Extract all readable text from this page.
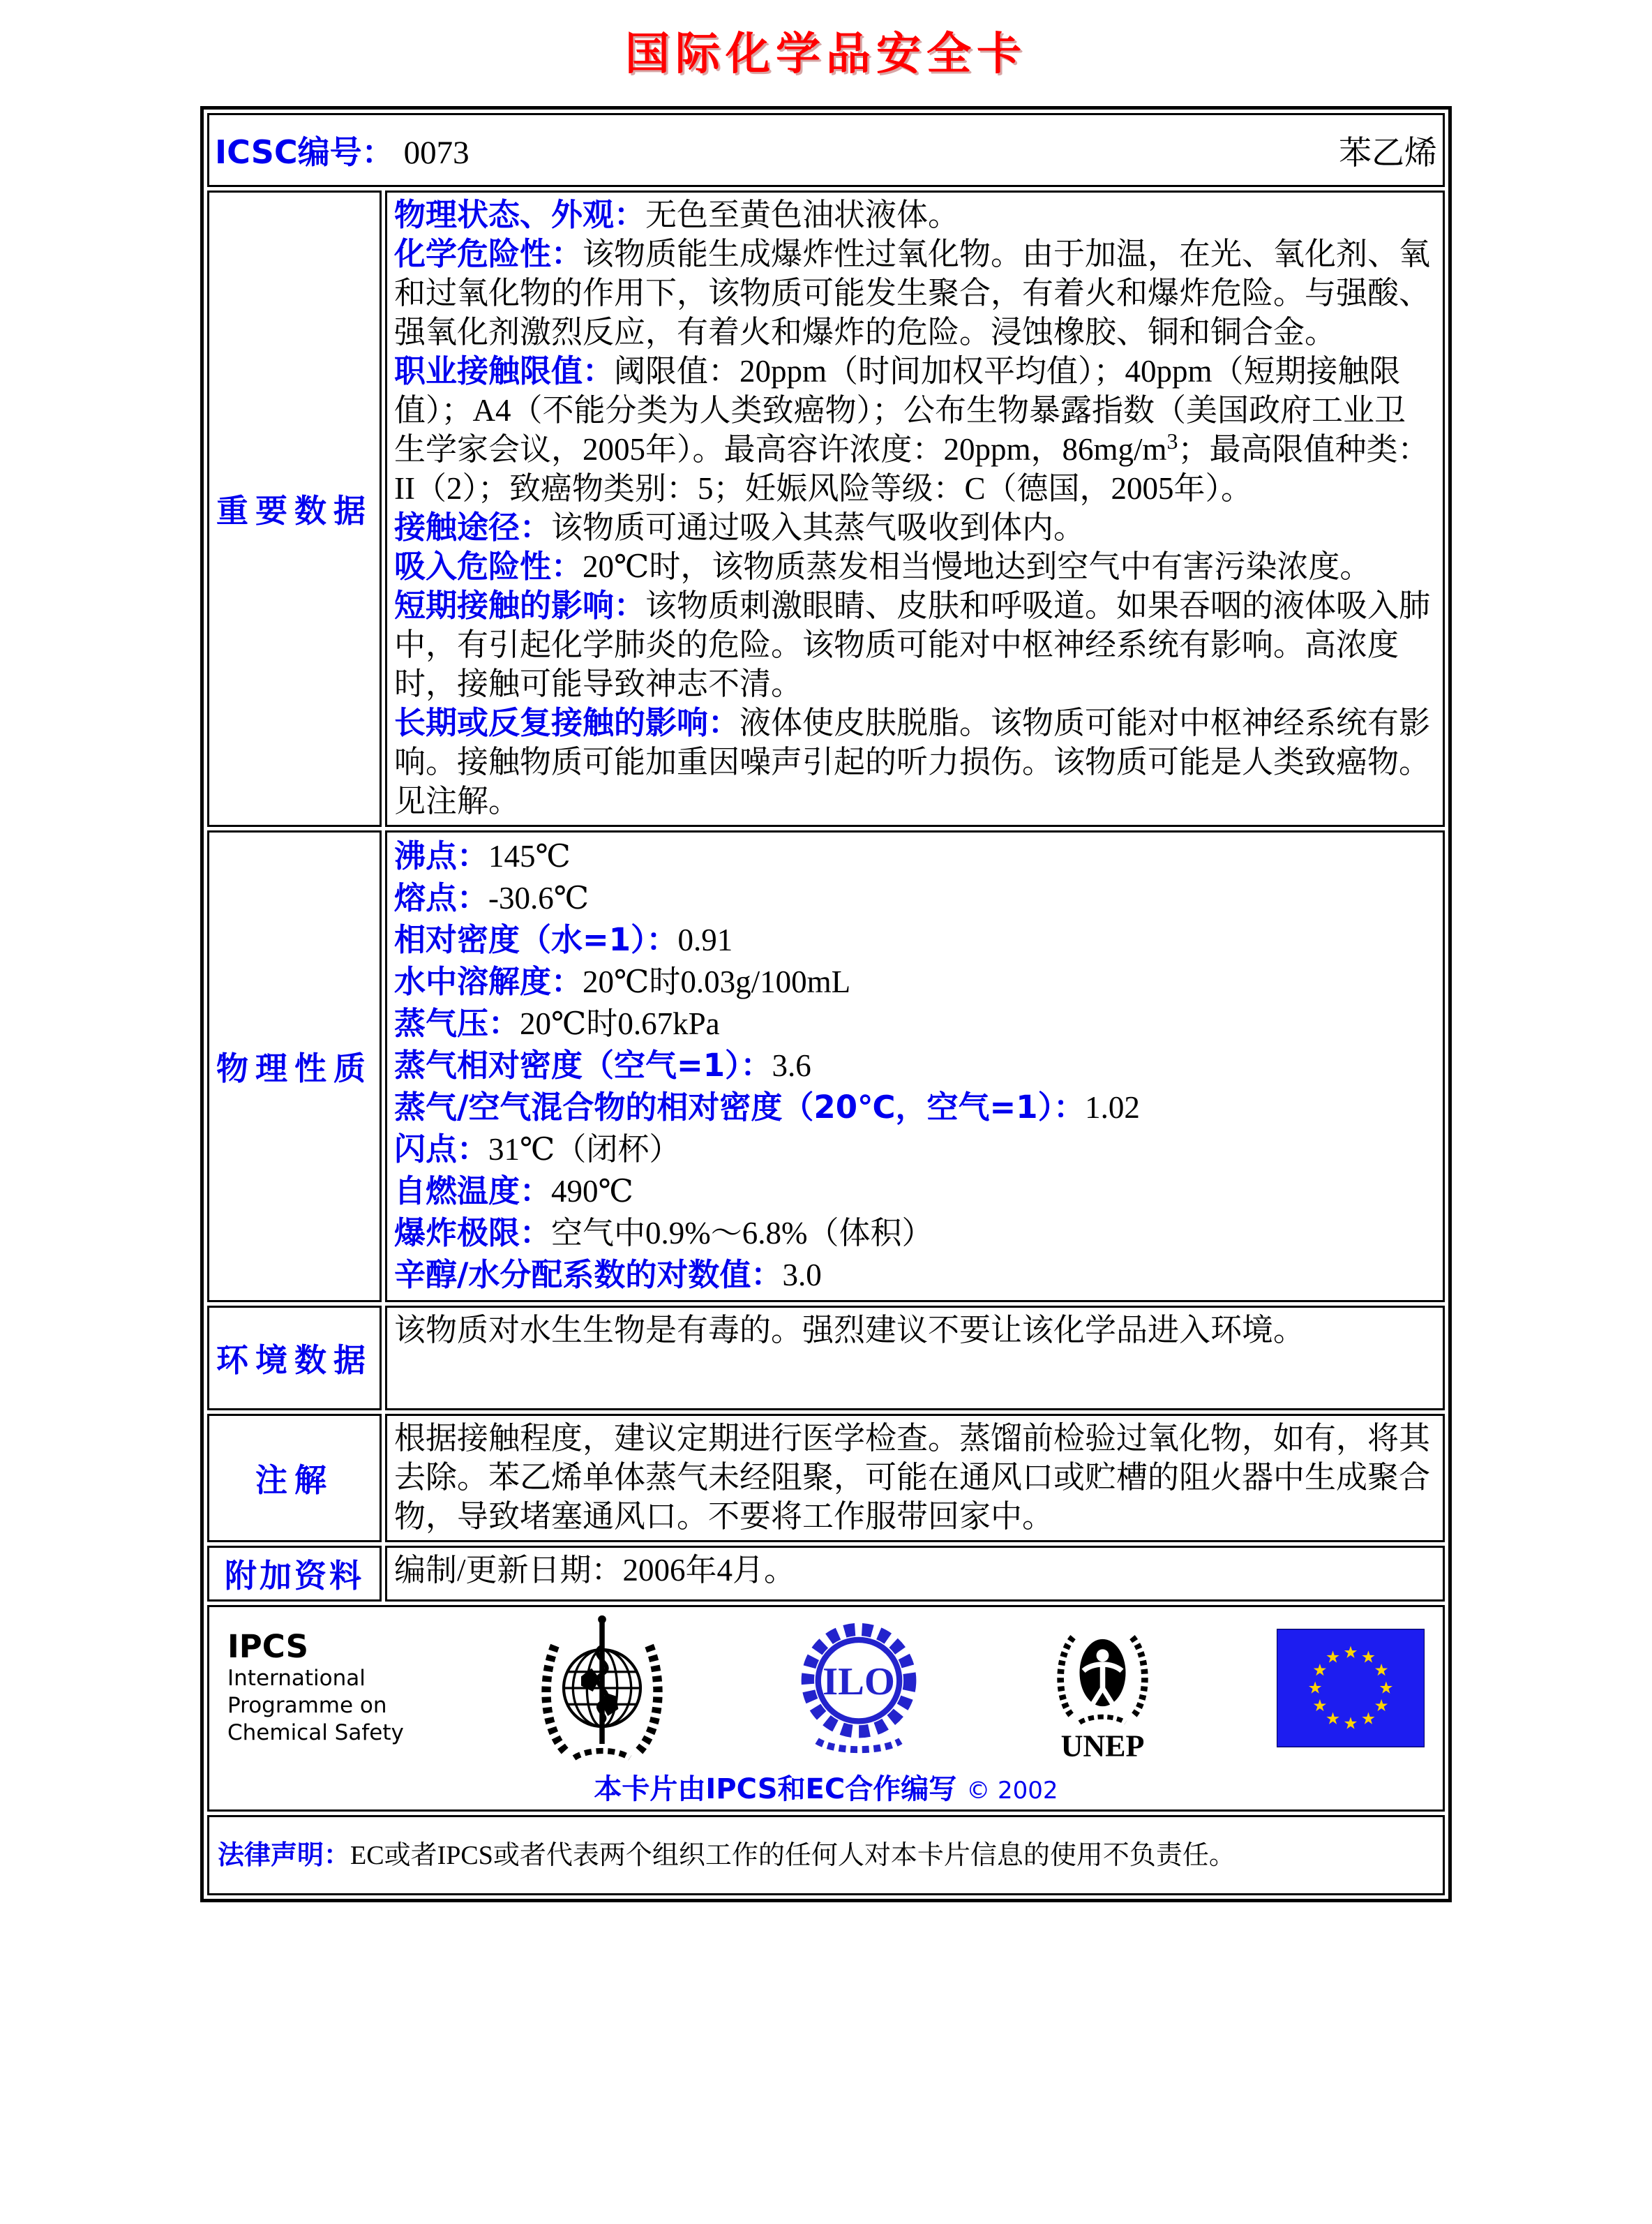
国际化学品安全卡
ICSC编号： 0073 苯乙烯	

重要数据	

物理状态、外观：无色至黄色油状液体。

化学危险性：该物质能生成爆炸性过氧化物。由于加温，在光、氧化剂、氧和过氧化物的作用下，该物质可能发生聚合，有着火和爆炸危险。与强酸、强氧化剂激烈反应，有着火和爆炸的危险。浸蚀橡胶、铜和铜合金。

职业接触限值：阈限值：20ppm（时间加权平均值）；40ppm（短期接触限值）；A4（不能分类为人类致癌物）；公布生物暴露指数（美国政府工业卫生学家会议，2005年）。最高容许浓度：20ppm，$86mg/m^3$；最高限值种类：II（2）；致癌物类别：5；妊娠风险等级：C（德国，2005年）。

接触途径：该物质可通过吸入其蒸气吸收到体内。

吸入危险性：20℃时，该物质蒸发相当慢地达到空气中有害污染浓度。

短期接触的影响：该物质刺激眼睛、皮肤和呼吸道。如果吞咽的液体吸入肺中，有引起化学肺炎的危险。该物质可能对中枢神经系统有影响。高浓度时，接触可能导致神志不清。

长期或反复接触的影响：液体使皮肤脱脂。该物质可能对中枢神经系统有影响。接触物质可能加重因噪声引起的听力损伤。该物质可能是人类致癌物。见注解。

物理性质	
沸点：145℃
熔点：-30.6℃
相对密度（水=1）：0.91
水中溶解度：20℃时0.03g/100mL
蒸气压：20℃时0.67kPa
蒸气相对密度（空气=1）：3.6
蒸气/空气混合物的相对密度（20℃，空气=1）：1.02
闪点：31℃（闭杯）
自燃温度：490℃
爆炸极限：空气中0.9%～6.8%（体积）
辛醇/水分配系数的对数值：3.0

环境数据	该物质对水生生物是有毒的。强烈建议不要让该化学品进入环境。
注解	根据接触程度，建议定期进行医学检查。蒸馏前检验过氧化物，如有，将其去除。苯乙烯单体蒸气未经阻聚，可能在通风口或贮槽的阻火器中生成聚合物，导致堵塞通风口。不要将工作服带回家中。
附加资料	编制/更新日期：2006年4月。

IPCS
International
Programme on
Chemical Safety
ILO
UNEP
本卡片由IPCS和EC合作编写 © 2002

法律声明：EC或者IPCS或者代表两个组织工作的任何人对本卡片信息的使用不负责任。	
